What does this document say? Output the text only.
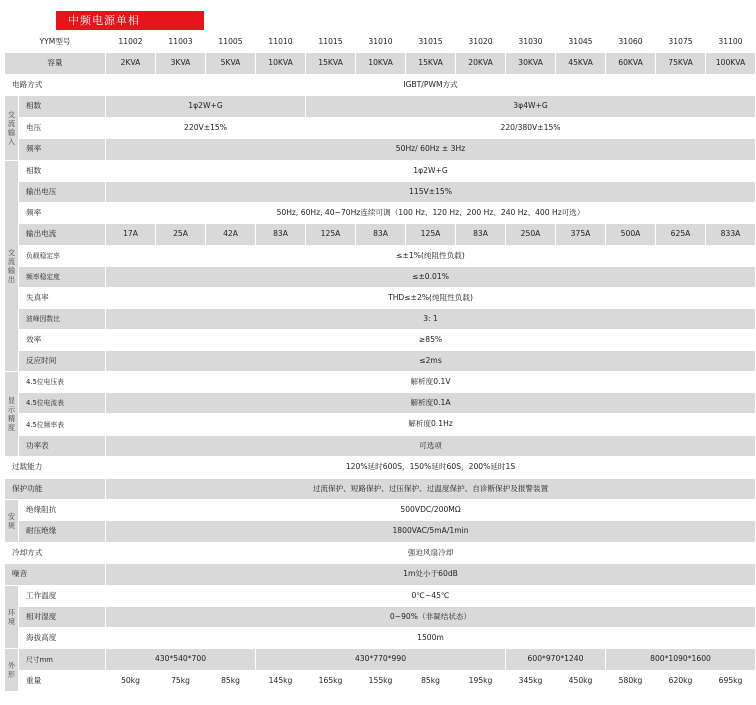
中频电源单相
YYM型号		11002	11003	11005	11010	11015	31010	31015	31020	31030	31045	31060	31075	31100
容量		2KVA	3KVA	5KVA	10KVA	15KVA	10KVA	15KVA	20KVA	30KVA	45KVA	60KVA	75KVA	100KVA
电路方式		IGBT/PWM方式												
交流输入	相数	1φ2W+G				3φ4W+G								
	电压	220V±15%				220/380V±15%								
	频率	50Hz/ 60Hz ± 3Hz												
交流输出	相数	1φ2W+G												
	输出电压	115V±15%												
	频率	50Hz, 60Hz, 40~70Hz连续可调（100 Hz、120 Hz、200 Hz、240 Hz、400 Hz可选）												
	输出电流	17A	25A	42A	83A	125A	83A	125A	83A	250A	375A	500A	625A	833A
	负载稳定率	≤±1%(纯阻性负载)												
	频率稳定度	≤±0.01%												
	失真率	THD≤±2%(纯阻性负载)												
	波峰因数比	3: 1												
	效率	≥85%												
	反应时间	≤2ms												
显示精度	4.5位电压表	解析度0.1V												
	4.5位电流表	解析度0.1A												
	4.5位频率表	解析度0.1Hz												
	功率表	可选项												
过载能力		120%延时600S，150%延时60S，200%延时1S												
保护功能		过流保护、短路保护、过压保护、过温度保护、自诊断保护及报警装置												
安规	绝缘阻抗	500VDC/200MΩ												
	耐压绝缘	1800VAC/5mA/1min												
冷却方式		强迫风扇冷却												
噪音		1m处小于60dB												
环境	工作温度	0℃~45℃												
	相对湿度	0~90%（非凝结状态）												
	海拔高度	1500m												
外形	尺寸mm	430*540*700			430*770*990					600*970*1240		800*1090*1600		
	重量	50kg	75kg	85kg	145kg	165kg	155kg	85kg	195kg	345kg	450kg	580kg	620kg	695kg
